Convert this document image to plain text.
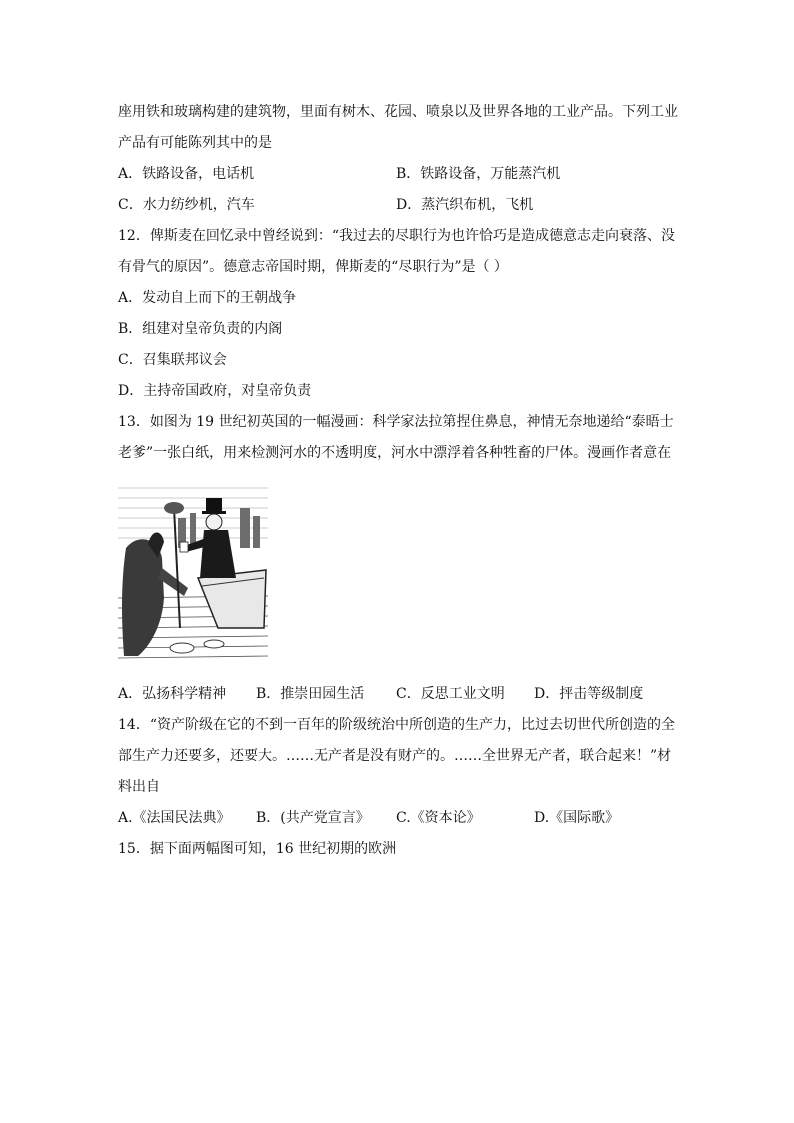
座用铁和玻璃构建的建筑物，里面有树木、花园、喷泉以及世界各地的工业产品。下列工业
产品有可能陈列其中的是
A．铁路设备，电话机	B．铁路设备，万能蒸汽机
C．水力纺纱机，汽车	D．蒸汽织布机，飞机
12．俾斯麦在回忆录中曾经说到：“我过去的尽职行为也许恰巧是造成德意志走向衰落、没
有骨气的原因”。德意志帝国时期，俾斯麦的“尽职行为”是（ ）
A．发动自上而下的王朝战争
B．组建对皇帝负责的内阁
C．召集联邦议会
D．主持帝国政府，对皇帝负责
13．如图为 19 世纪初英国的一幅漫画：科学家法拉第捏住鼻息，神情无奈地递给“泰晤士
老爹”一张白纸，用来检测河水的不透明度，河水中漂浮着各种牲畜的尸体。漫画作者意在
A．弘扬科学精神 B．推崇田园生活 C．反思工业文明 D．抨击等级制度
14．“资产阶级在它的不到一百年的阶级统治中所创造的生产力，比过去切世代所创造的全
部生产力还要多，还要大。……无产者是没有财产的。……全世界无产者，联合起来！”材
料出自
A.《法国民法典》 B．(共产党宣言》 C.《资本论》	D.《国际歌》
15．据下面两幅图可知，16 世纪初期的欧洲
